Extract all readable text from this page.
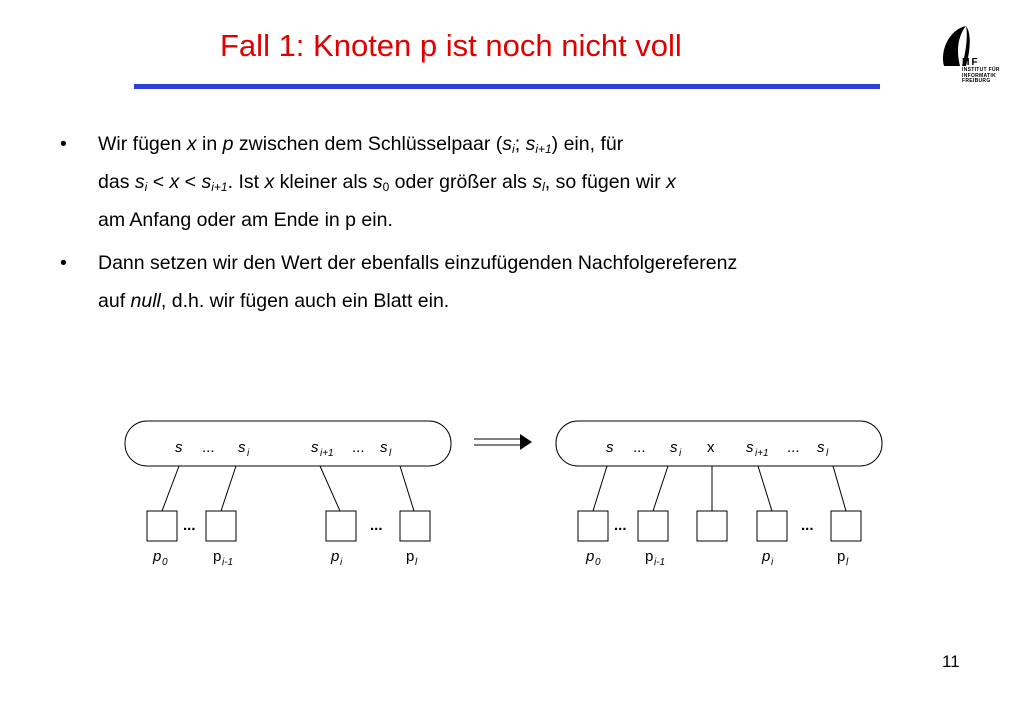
Fall 1: Knoten p ist noch nicht voll	IIF
INSTITUT FÜR
INFORMATIK
FREIBURG
• Wir fügen x in p zwischen dem Schlüsselpaar ($s_i$; $s_{i+1}$) ein, für
das $s_i < x < s_{i+1}$. Ist x kleiner als $s_0$ oder größer als $s_l$, so fügen wir x
am Anfang oder am Ende in p ein.
• Dann setzen wir den Wert der ebenfalls einzufügenden Nachfolgereferenz
auf null, d.h. wir fügen auch ein Blatt ein.
s ... s i	s i+1 ... s l
...	...
p 0	p i-1	p i	p l
s ... s i x s i+1 ... s l
...	...
p 0	p i-1	p i	p l
11
